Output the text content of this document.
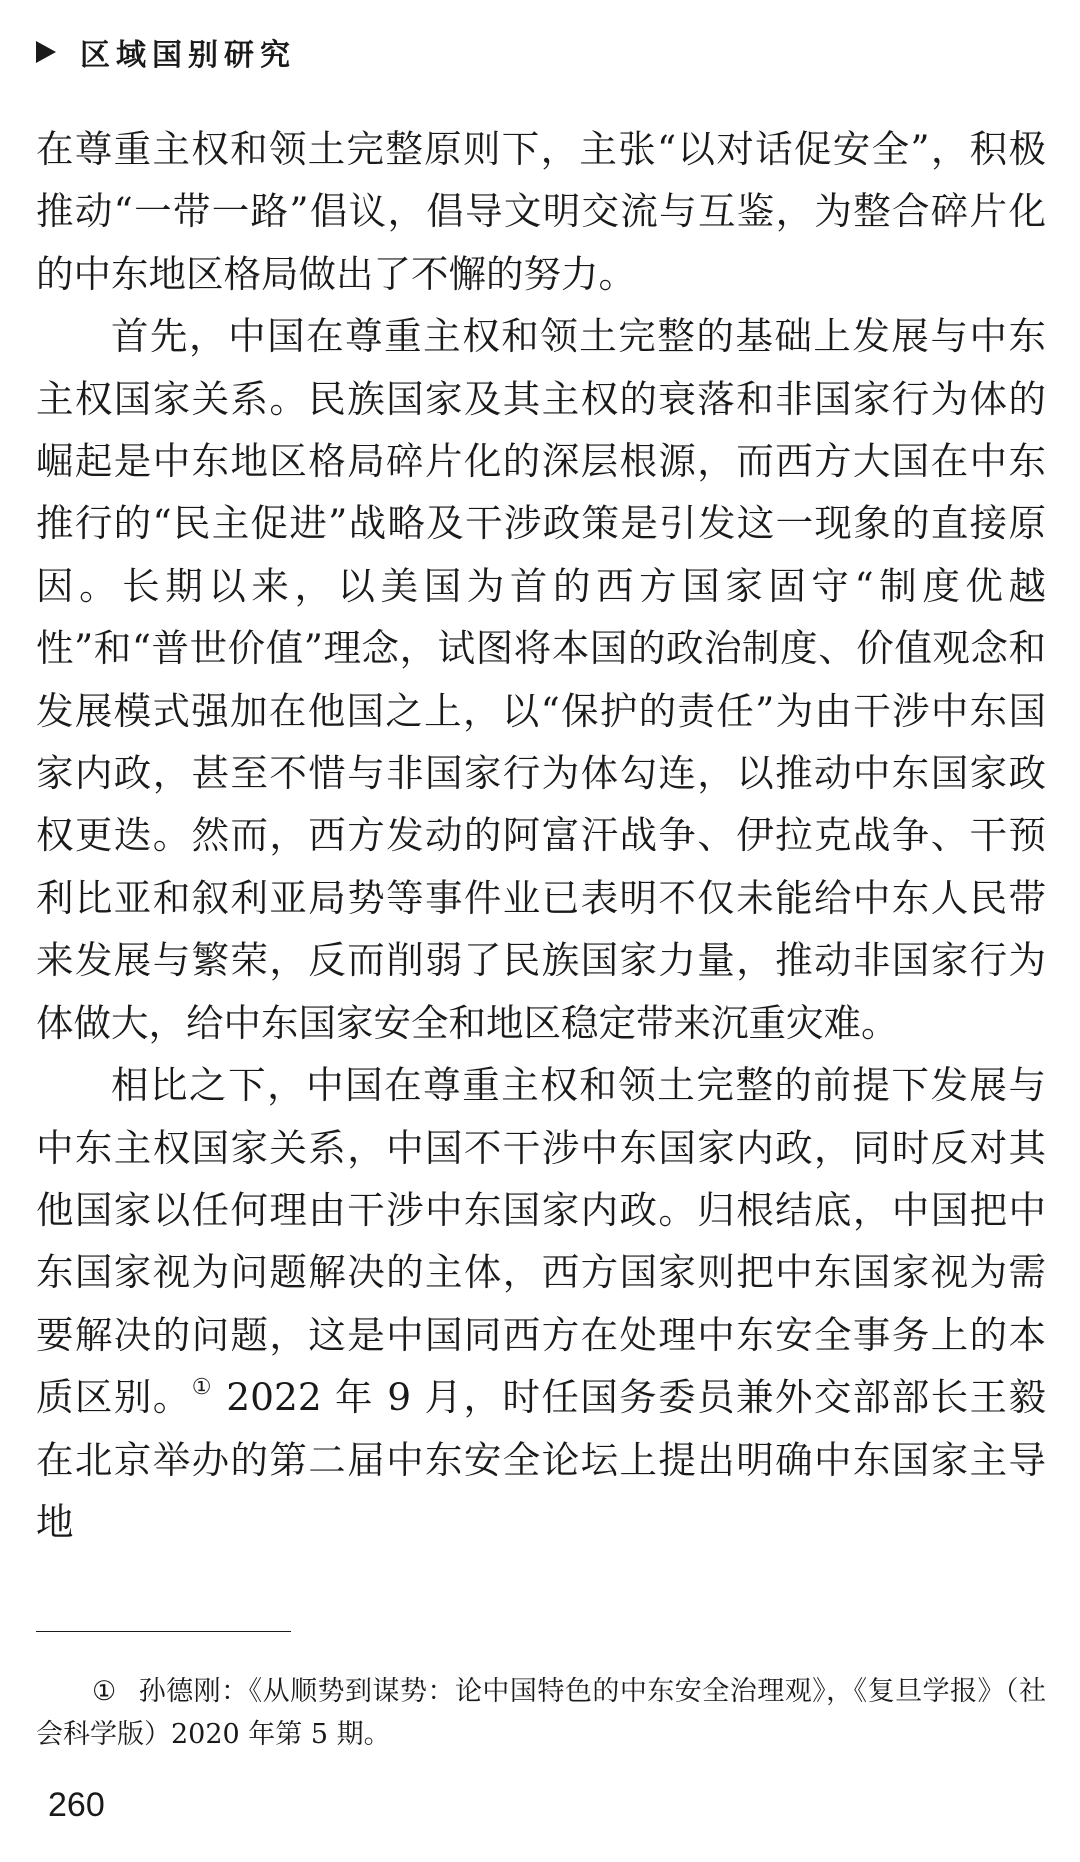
区域国别研究

在尊重主权和领土完整原则下，主张“以对话促安全”，积极推动“一带一路”倡议，倡导文明交流与互鉴，为整合碎片化的中东地区格局做出了不懈的努力。

首先，中国在尊重主权和领土完整的基础上发展与中东主权国家关系。民族国家及其主权的衰落和非国家行为体的崛起是中东地区格局碎片化的深层根源，而西方大国在中东推行的“民主促进”战略及干涉政策是引发这一现象的直接原因。长期以来，以美国为首的西方国家固守“制度优越性”和“普世价值”理念，试图将本国的政治制度、价值观念和发展模式强加在他国之上，以“保护的责任”为由干涉中东国家内政，甚至不惜与非国家行为体勾连，以推动中东国家政权更迭。然而，西方发动的阿富汗战争、伊拉克战争、干预利比亚和叙利亚局势等事件业已表明不仅未能给中东人民带来发展与繁荣，反而削弱了民族国家力量，推动非国家行为体做大，给中东国家安全和地区稳定带来沉重灾难。

相比之下，中国在尊重主权和领土完整的前提下发展与中东主权国家关系，中国不干涉中东国家内政，同时反对其他国家以任何理由干涉中东国家内政。归根结底，中国把中东国家视为问题解决的主体，西方国家则把中东国家视为需要解决的问题，这是中国同西方在处理中东安全事务上的本质区别。① 2022 年 9 月，时任国务委员兼外交部部长王毅在北京举办的第二届中东安全论坛上提出明确中东国家主导地

① 孙德刚：《从顺势到谋势：论中国特色的中东安全治理观》，《复旦学报》（社会科学版）2020 年第 5 期。
260
